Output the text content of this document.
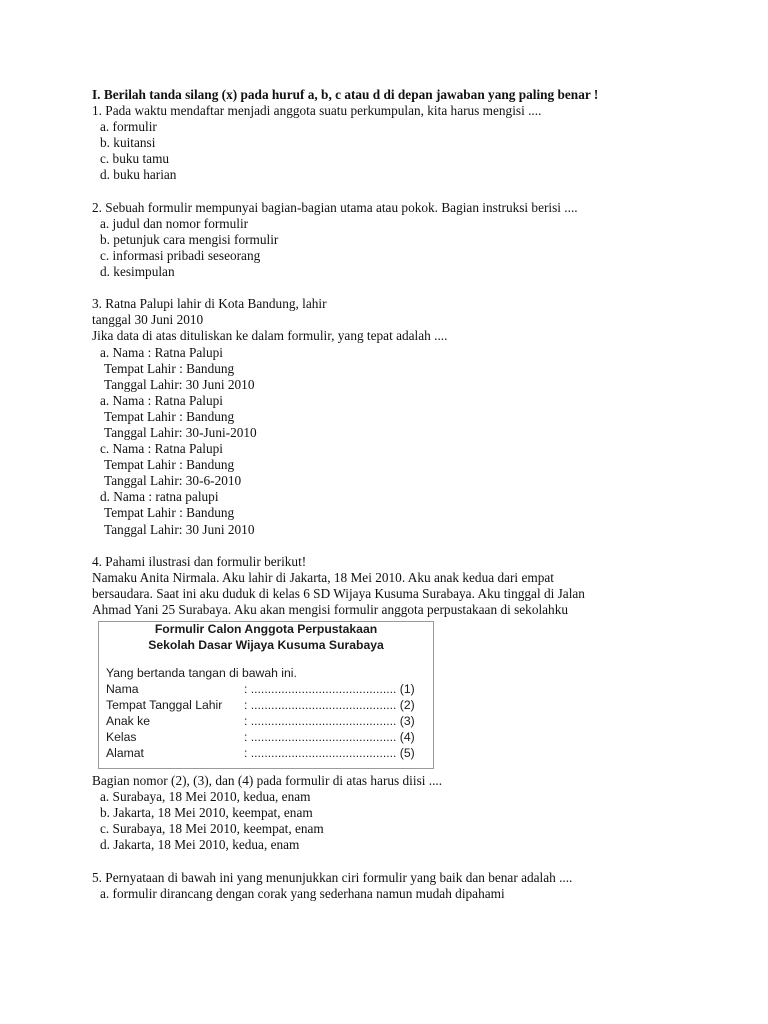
I. Berilah tanda silang (x) pada huruf a, b, c atau d di depan jawaban yang paling benar !
1. Pada waktu mendaftar menjadi anggota suatu perkumpulan, kita harus mengisi ....
a. formulir
b. kuitansi
c. buku tamu
d. buku harian
2. Sebuah formulir mempunyai bagian-bagian utama atau pokok. Bagian instruksi berisi ....
a. judul dan nomor formulir
b. petunjuk cara mengisi formulir
c. informasi pribadi seseorang
d. kesimpulan
3. Ratna Palupi lahir di Kota Bandung, lahir
tanggal 30 Juni 2010
Jika data di atas dituliskan ke dalam formulir, yang tepat adalah ....
a. Nama : Ratna Palupi
Tempat Lahir : Bandung
Tanggal Lahir: 30 Juni 2010
a. Nama : Ratna Palupi
Tempat Lahir : Bandung
Tanggal Lahir: 30-Juni-2010
c. Nama : Ratna Palupi
Tempat Lahir : Bandung
Tanggal Lahir: 30-6-2010
d. Nama : ratna palupi
Tempat Lahir : Bandung
Tanggal Lahir: 30 Juni 2010
4. Pahami ilustrasi dan formulir berikut!
Namaku Anita Nirmala. Aku lahir di Jakarta, 18 Mei 2010. Aku anak kedua dari empat
bersaudara. Saat ini aku duduk di kelas 6 SD Wijaya Kusuma Surabaya. Aku tinggal di Jalan
Ahmad Yani 25 Surabaya. Aku akan mengisi formulir anggota perpustakaan di sekolahku
Formulir Calon Anggota Perpustakaan
Sekolah Dasar Wijaya Kusuma Surabaya
Yang bertanda tangan di bawah ini.
Nama	: ........................................... (1)
Tempat Tanggal Lahir : ........................................... (2)
Anak ke	: ........................................... (3)
Kelas	: ........................................... (4)
Alamat	: ........................................... (5)
Bagian nomor (2), (3), dan (4) pada formulir di atas harus diisi ....
a. Surabaya, 18 Mei 2010, kedua, enam
b. Jakarta, 18 Mei 2010, keempat, enam
c. Surabaya, 18 Mei 2010, keempat, enam
d. Jakarta, 18 Mei 2010, kedua, enam
5. Pernyataan di bawah ini yang menunjukkan ciri formulir yang baik dan benar adalah ....
a. formulir dirancang dengan corak yang sederhana namun mudah dipahami
